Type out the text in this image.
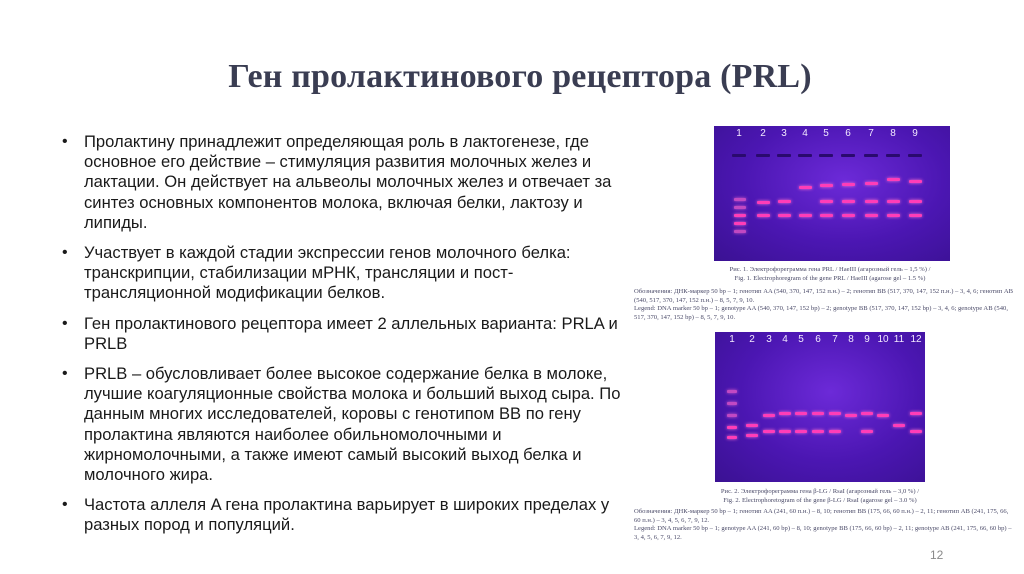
Ген пролактинового рецептора (PRL)
• Пролактину принадлежит определяющая роль в лактогенезе, где основное его действие – стимуляция развития молочных желез и лактации. Он действует на альвеолы молочных желез и отвечает за синтез основных компонентов молока, включая белки, лактозу и липиды.
• Участвует в каждой стадии экспрессии генов молочного белка: транскрипции, стабилизации мРНК, трансляции и пост-трансляционной модификации белков.
• Ген пролактинового рецептора имеет 2 аллельных варианта: PRLA и PRLB
• PRLB – обусловливает более высокое содержание белка в молоке, лучшие коагуляционные свойства молока и больший выход сыра. По данным многих исследователей, коровы с генотипом BB по гену пролактина являются наиболее обильномолочными и жирномолочными, а также имеют самый высокий выход белка и молочного жира.
• Частота аллеля A гена пролактина варьирует в широких пределах у разных пород и популяций.
1	2	3	4	5	6	7	8	9
Рис. 1. Электрофореграмма гена PRL / HaeIII (агарозный гель – 1,5 %) /
Fig. 1. Electrophoregram of the gene PRL / HaeIII (agarose gel – 1.5 %)
Обозначения: ДНК-маркер 50 bp – 1; генотип AA (540, 370, 147, 152 п.н.) – 2; генотип BB (517, 370, 147, 152 п.н.) – 3, 4, 6; генотип AB (540, 517, 370, 147, 152 п.н.) – 8, 5, 7, 9, 10.
Legend: DNA marker 50 bp – 1; genotype AA (540, 370, 147, 152 bp) – 2; genotype BB (517, 370, 147, 152 bp) – 3, 4, 6; genotype AB (540, 517, 370, 147, 152 bp) – 8, 5, 7, 9, 10.
1	2	3	4	5	6	7	8	9 10 11 12
Рис. 2. Электрофореграмма гена β-LG / RsaI (агарозный гель – 3,0 %) /
Fig. 2. Electrophoretogram of the gene β-LG / RsaI (agarose gel – 3.0 %)
Обозначения: ДНК-маркер 50 bp – 1; генотип AA (241, 60 п.н.) – 8, 10; генотип BB (175, 66, 60 п.н.) – 2, 11; генотип AB (241, 175, 66, 60 п.н.) – 3, 4, 5, 6, 7, 9, 12.
Legend: DNA marker 50 bp – 1; genotype AA (241, 60 bp) – 8, 10; genotype BB (175, 66, 60 bp) – 2, 11; genotype AB (241, 175, 66, 60 bp) – 3, 4, 5, 6, 7, 9, 12.
12
